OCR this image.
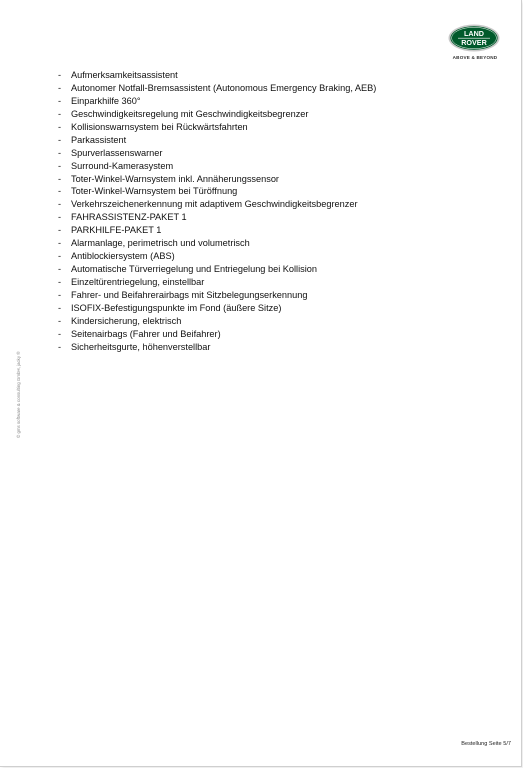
LAND
ROVER
ABOVE & BEYOND
- Aufmerksamkeitsassistent
- Autonomer Notfall-Bremsassistent (Autonomous Emergency Braking, AEB)
- Einparkhilfe 360°
- Geschwindigkeitsregelung mit Geschwindigkeitsbegrenzer
- Kollisionswarnsystem bei Rückwärtsfahrten
- Parkassistent
- Spurverlassenswarner
- Surround-Kamerasystem
- Toter-Winkel-Warnsystem inkl. Annäherungssensor
- Toter-Winkel-Warnsystem bei Türöffnung
- Verkehrszeichenerkennung mit adaptivem Geschwindigkeitsbegrenzer
- FAHRASSISTENZ-PAKET 1
- PARKHILFE-PAKET 1
- Alarmanlage, perimetrisch und volumetrisch
- Antiblockiersystem (ABS)
- Automatische Türverriegelung und Entriegelung bei Kollision
- Einzeltürentriegelung, einstellbar
- Fahrer- und Beifahrerairbags mit Sitzbelegungserkennung
- ISOFIX-Befestigungspunkte im Fond (äußere Sitze)
- Kindersicherung, elektrisch
- Seitenairbags (Fahrer und Beifahrer)
- Sicherheitsgurte, höhenverstellbar
© gms software & consulting GmbH, jacky ®
Bestellung Seite 5/7
